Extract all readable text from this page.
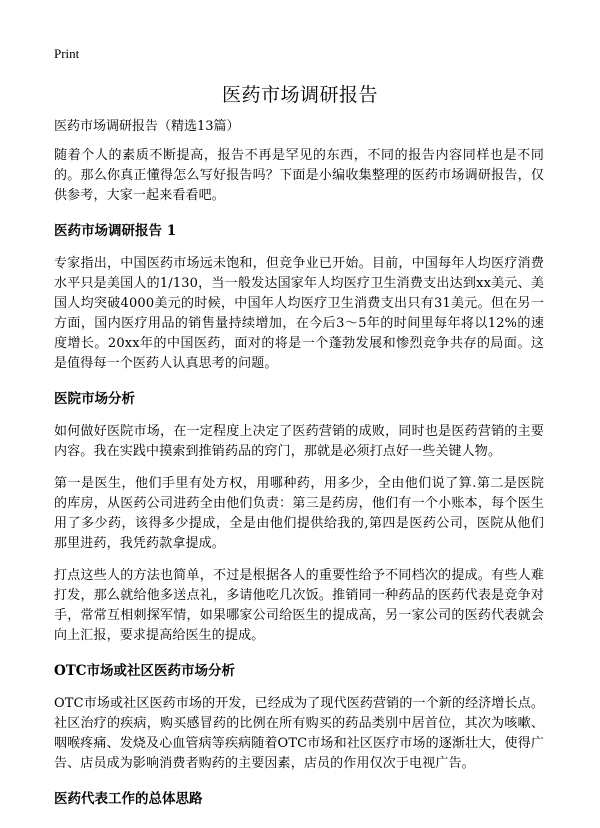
Print
医药市场调研报告
医药市场调研报告（精选13篇）

随着个人的素质不断提高，报告不再是罕见的东西，不同的报告内容同样也是不同的。那么你真正懂得怎么写好报告吗？下面是小编收集整理的医药市场调研报告，仅供参考，大家一起来看看吧。

医药市场调研报告 1

专家指出，中国医药市场远未饱和，但竞争业已开始。目前，中国每年人均医疗消费水平只是美国人的1/130，当一般发达国家年人均医疗卫生消费支出达到xx美元、美国人均突破4000美元的时候，中国年人均医疗卫生消费支出只有31美元。但在另一方面，国内医疗用品的销售量持续增加，在今后3～5年的时间里每年将以12%的速度增长。20xx年的中国医药，面对的将是一个蓬勃发展和惨烈竞争共存的局面。这是值得每一个医药人认真思考的问题。

医院市场分析

如何做好医院市场，在一定程度上决定了医药营销的成败，同时也是医药营销的主要内容。我在实践中摸索到推销药品的窍门，那就是必须打点好一些关键人物。

第一是医生，他们手里有处方权，用哪种药，用多少，全由他们说了算.第二是医院的库房，从医药公司进药全由他们负责：第三是药房，他们有一个小账本，每个医生用了多少药，该得多少提成，全是由他们提供给我的,第四是医药公司，医院从他们那里进药，我凭药款拿提成。

打点这些人的方法也简单，不过是根据各人的重要性给予不同档次的提成。有些人难打发，那么就给他多送点礼，多请他吃几次饭。推销同一种药品的医药代表是竞争对手，常常互相刺探军情，如果哪家公司给医生的提成高，另一家公司的医药代表就会向上汇报，要求提高给医生的提成。

OTC市场或社区医药市场分析

OTC市场或社区医药市场的开发，已经成为了现代医药营销的一个新的经济增长点。社区治疗的疾病，购买感冒药的比例在所有购买的药品类别中居首位，其次为咳嗽、咽喉疼痛、发烧及心血管病等疾病随着OTC市场和社区医疗市场的逐渐壮大，使得广告、店员成为影响消费者购药的主要因素，店员的作用仅次于电视广告。

医药代表工作的总体思路
